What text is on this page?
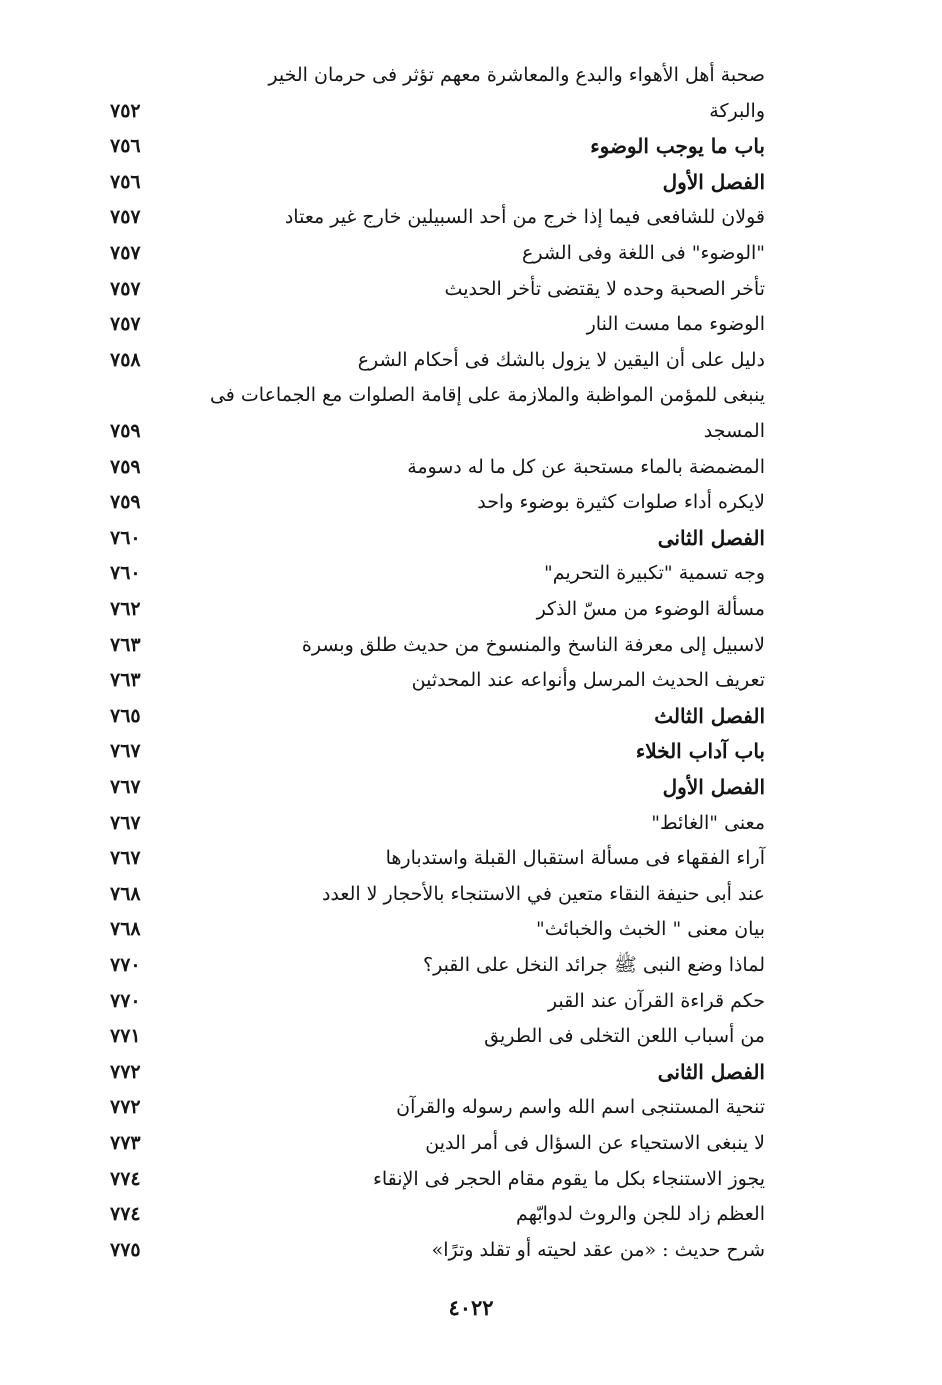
صحبة أهل الأهواء والبدع والمعاشرة معهم تؤثر فى حرمان الخير
والبركة
٧٥٢
باب ما يوجب الوضوء
٧٥٦
الفصل الأول
٧٥٦
قولان للشافعى فيما إذا خرج من أحد السبيلين خارج غير معتاد
٧٥٧
"الوضوء" فى اللغة وفى الشرع
٧٥٧
تأخر الصحبة وحده لا يقتضى تأخر الحديث
٧٥٧
الوضوء مما مست النار
٧٥٧
دليل على أن اليقين لا يزول بالشك فى أحكام الشرع
٧٥٨
ينبغى للمؤمن المواظبة والملازمة على إقامة الصلوات مع الجماعات فى
المسجد
٧٥٩
المضمضة بالماء مستحبة عن كل ما له دسومة
٧٥٩
لايكره أداء صلوات كثيرة بوضوء واحد
٧٥٩
الفصل الثانى
٧٦٠
وجه تسمية "تكبيرة التحريم"
٧٦٠
مسألة الوضوء من مسّ الذكر
٧٦٢
لاسبيل إلى معرفة الناسخ والمنسوخ من حديث طلق وبسرة
٧٦٣
تعريف الحديث المرسل وأنواعه عند المحدثين
٧٦٣
الفصل الثالث
٧٦٥
باب آداب الخلاء
٧٦٧
الفصل الأول
٧٦٧
معنى "الغائط"
٧٦٧
آراء الفقهاء فى مسألة استقبال القبلة واستدبارها
٧٦٧
عند أبى حنيفة النقاء متعين في الاستنجاء بالأحجار لا العدد
٧٦٨
بيان معنى " الخبث والخبائث"
٧٦٨
لماذا وضع النبى ﷺ جرائد النخل على القبر؟
٧٧٠
حكم قراءة القرآن عند القبر
٧٧٠
من أسباب اللعن التخلى فى الطريق
٧٧١
الفصل الثانى
٧٧٢
تنحية المستنجى اسم الله واسم رسوله والقرآن
٧٧٢
لا ينبغى الاستحياء عن السؤال فى أمر الدين
٧٧٣
يجوز الاستنجاء بكل ما يقوم مقام الحجر فى الإنقاء
٧٧٤
العظم زاد للجن والروث لدوابّهم
٧٧٤
شرح حديث : «من عقد لحيته أو تقلد وترًا»
٧٧٥
٤٠٢٢
